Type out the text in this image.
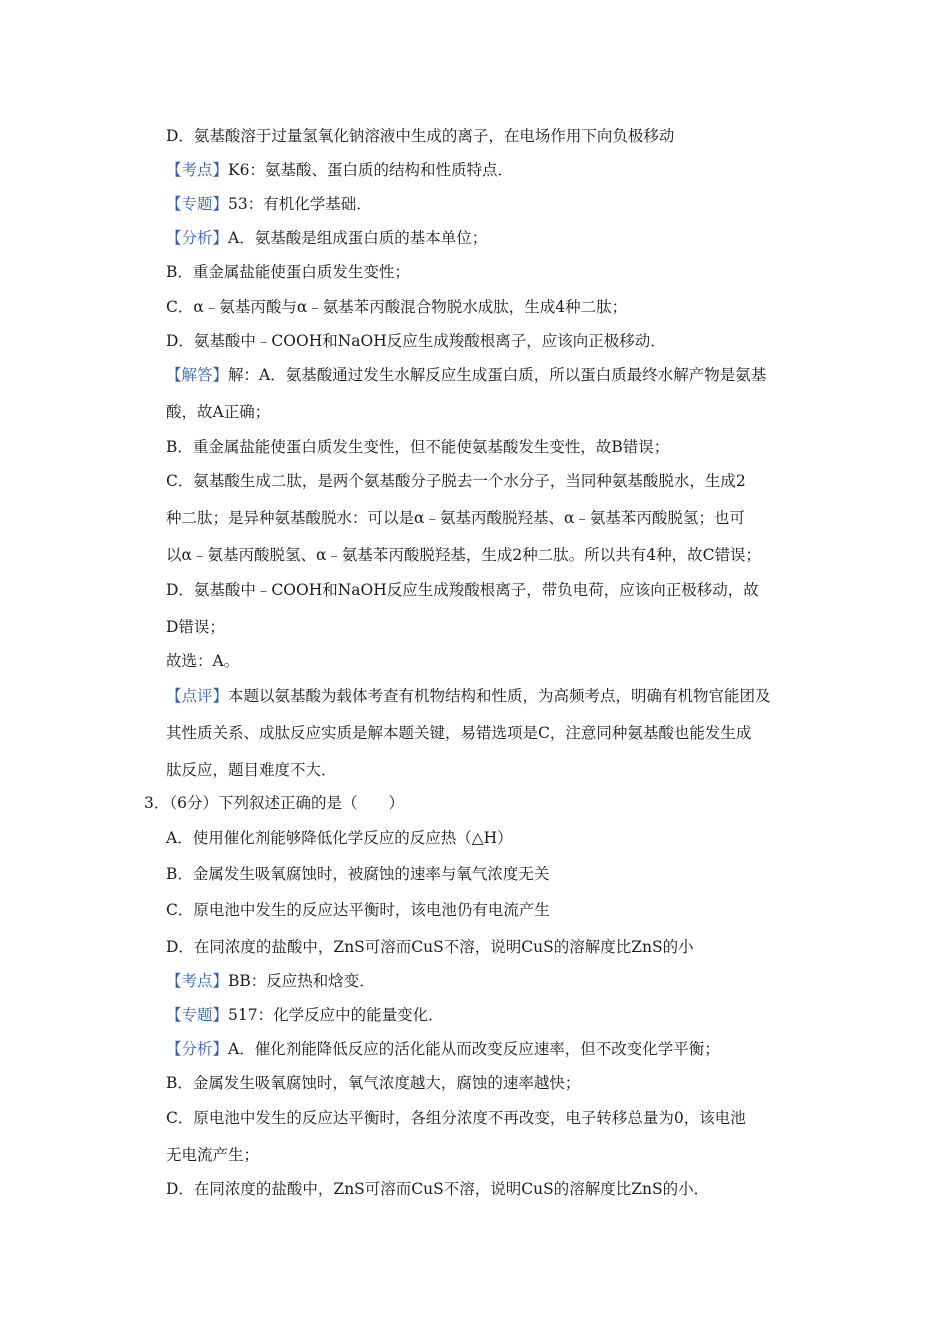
D．氨基酸溶于过量氢氧化钠溶液中生成的离子，在电场作用下向负极移动
【考点】K6：氨基酸、蛋白质的结构和性质特点．
【专题】53：有机化学基础．
【分析】A．氨基酸是组成蛋白质的基本单位；
B．重金属盐能使蛋白质发生变性；
C．α﹣氨基丙酸与α﹣氨基苯丙酸混合物脱水成肽，生成4种二肽；
D．氨基酸中﹣COOH和NaOH反应生成羧酸根离子，应该向正极移动．
【解答】解：A．氨基酸通过发生水解反应生成蛋白质，所以蛋白质最终水解产物是氨基
酸，故A正确；
B．重金属盐能使蛋白质发生变性，但不能使氨基酸发生变性，故B错误；
C．氨基酸生成二肽，是两个氨基酸分子脱去一个水分子，当同种氨基酸脱水，生成2
种二肽；是异种氨基酸脱水：可以是α﹣氨基丙酸脱羟基、α﹣氨基苯丙酸脱氢；也可
以α﹣氨基丙酸脱氢、α﹣氨基苯丙酸脱羟基，生成2种二肽。所以共有4种，故C错误；
D．氨基酸中﹣COOH和NaOH反应生成羧酸根离子，带负电荷，应该向正极移动，故
D错误；
故选：A。
【点评】本题以氨基酸为载体考查有机物结构和性质，为高频考点，明确有机物官能团及
其性质关系、成肽反应实质是解本题关键，易错选项是C，注意同种氨基酸也能发生成
肽反应，题目难度不大．
3．（6分）下列叙述正确的是（　　）
A．使用催化剂能够降低化学反应的反应热（△H）
B．金属发生吸氧腐蚀时，被腐蚀的速率与氧气浓度无关
C．原电池中发生的反应达平衡时，该电池仍有电流产生
D．在同浓度的盐酸中，ZnS可溶而CuS不溶，说明CuS的溶解度比ZnS的小
【考点】BB：反应热和焓变．
【专题】517：化学反应中的能量变化．
【分析】A．催化剂能降低反应的活化能从而改变反应速率，但不改变化学平衡；
B．金属发生吸氧腐蚀时，氧气浓度越大，腐蚀的速率越快；
C．原电池中发生的反应达平衡时，各组分浓度不再改变，电子转移总量为0，该电池
无电流产生；
D．在同浓度的盐酸中，ZnS可溶而CuS不溶，说明CuS的溶解度比ZnS的小．
